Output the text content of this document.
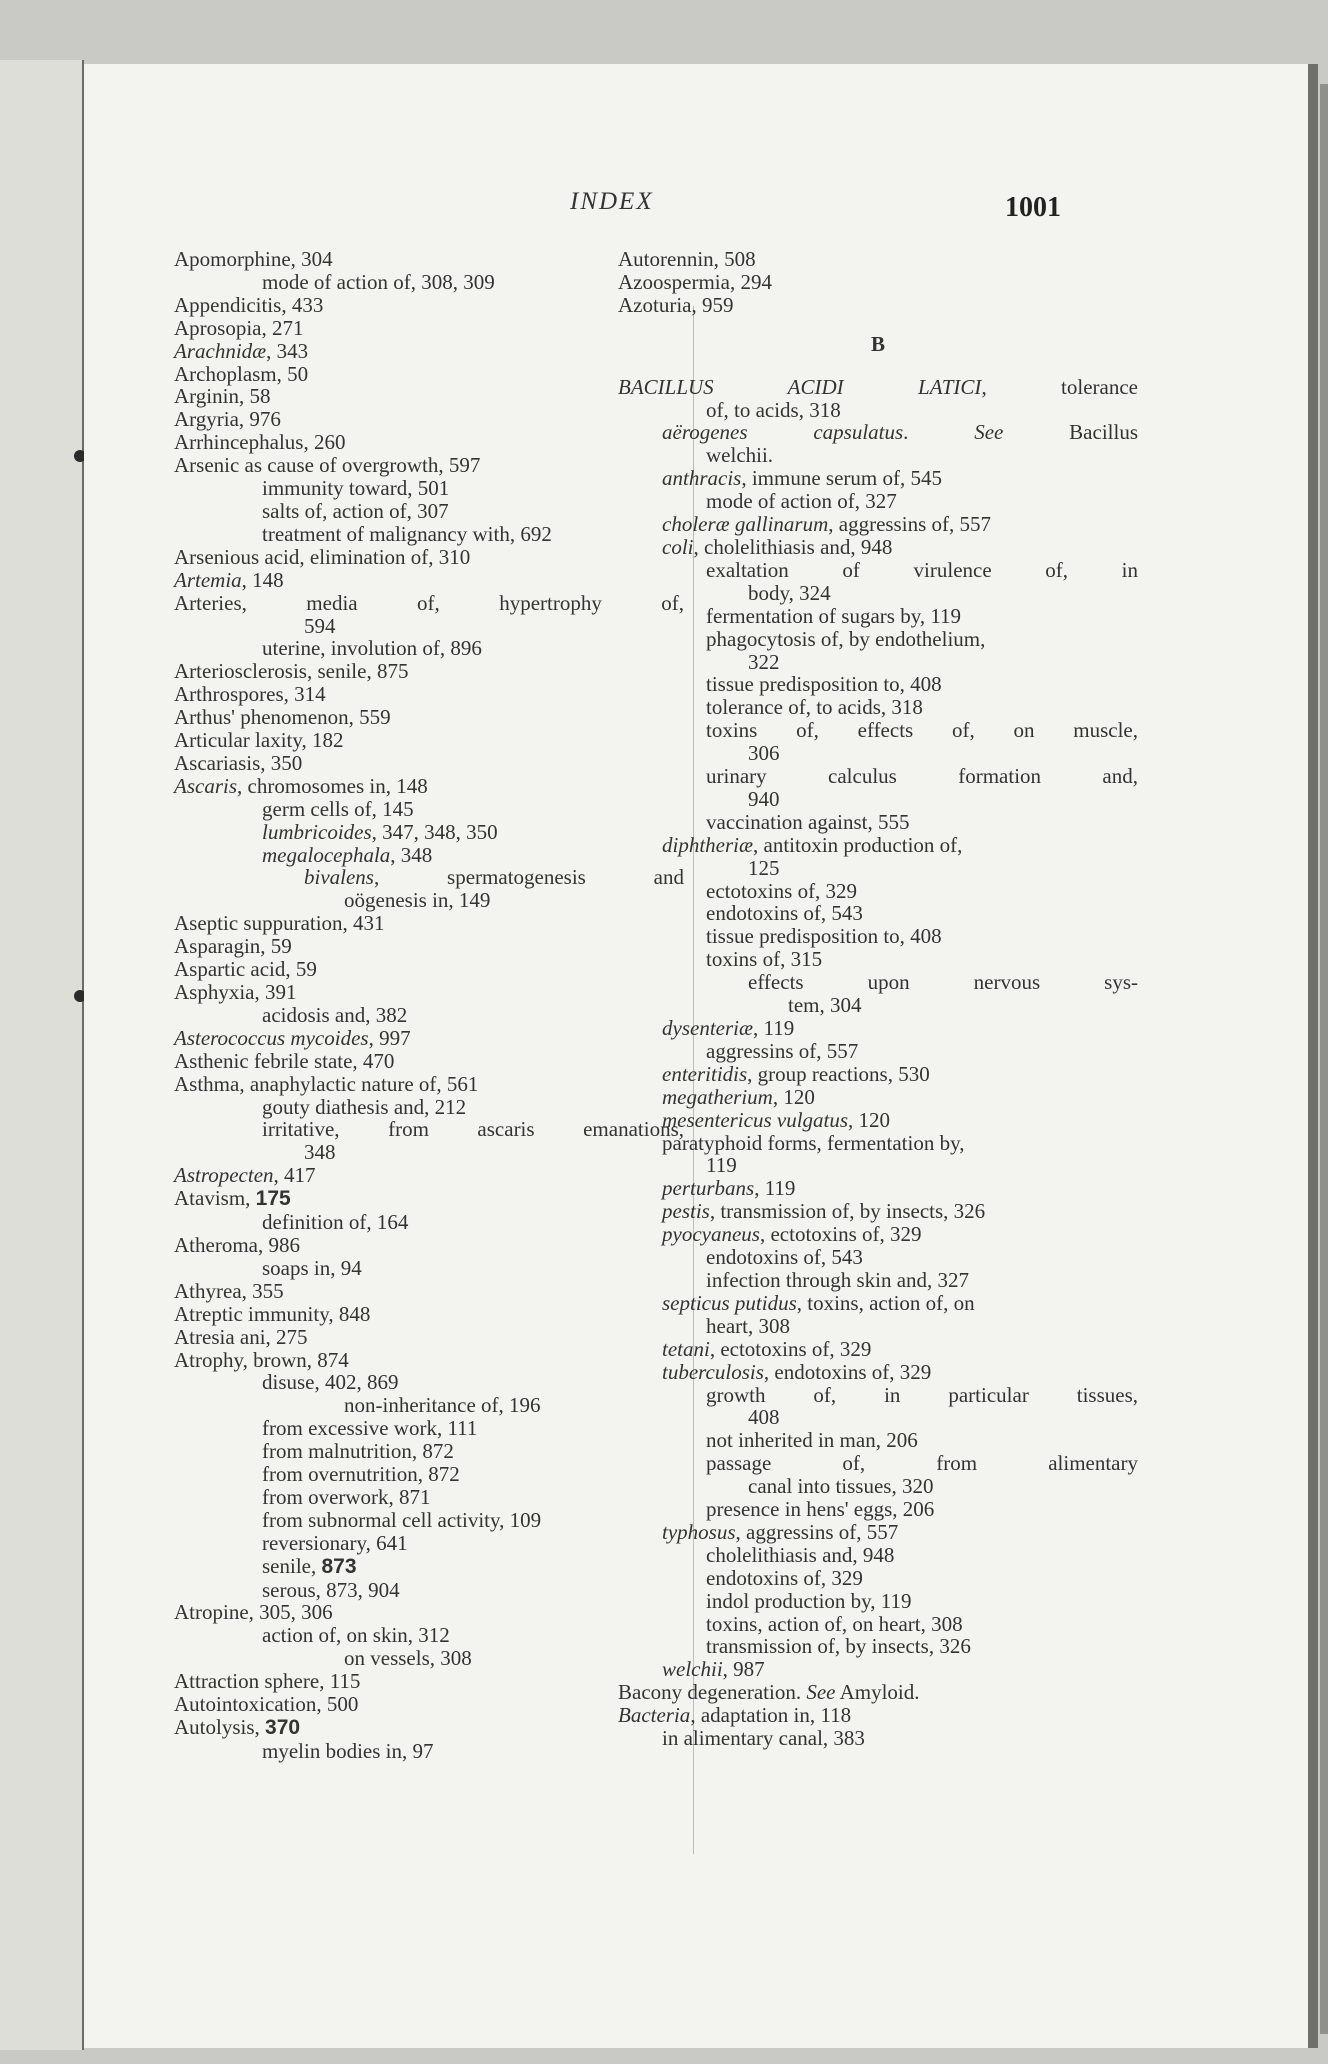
INDEX	1001
Apomorphine, 304
mode of action of, 308, 309
Appendicitis, 433
Aprosopia, 271
Arachnidæ, 343
Archoplasm, 50
Arginin, 58
Argyria, 976
Arrhincephalus, 260
Arsenic as cause of overgrowth, 597
immunity toward, 501
salts of, action of, 307
treatment of malignancy with, 692
Arsenious acid, elimination of, 310
Artemia, 148
Arteries, media of, hypertrophy of,
594
uterine, involution of, 896
Arteriosclerosis, senile, 875
Arthrospores, 314
Arthus' phenomenon, 559
Articular laxity, 182
Ascariasis, 350
Ascaris, chromosomes in, 148
germ cells of, 145
lumbricoides, 347, 348, 350
megalocephala, 348
bivalens, spermatogenesis and
oögenesis in, 149
Aseptic suppuration, 431
Asparagin, 59
Aspartic acid, 59
Asphyxia, 391
acidosis and, 382
Asterococcus mycoides, 997
Asthenic febrile state, 470
Asthma, anaphylactic nature of, 561
gouty diathesis and, 212
irritative, from ascaris emanations,
348
Astropecten, 417
Atavism, 175
definition of, 164
Atheroma, 986
soaps in, 94
Athyrea, 355
Atreptic immunity, 848
Atresia ani, 275
Atrophy, brown, 874
disuse, 402, 869
non-inheritance of, 196
from excessive work, 111
from malnutrition, 872
from overnutrition, 872
from overwork, 871
from subnormal cell activity, 109
reversionary, 641
senile, 873
serous, 873, 904
Atropine, 305, 306
action of, on skin, 312
on vessels, 308
Attraction sphere, 115
Autointoxication, 500
Autolysis, 370
myelin bodies in, 97
Autorennin, 508
Azoospermia, 294
Azoturia, 959
B
BACILLUS ACIDI LATICI, tolerance
of, to acids, 318
aërogenes capsulatus. See Bacillus
welchii.
anthracis, immune serum of, 545
mode of action of, 327
choleræ gallinarum, aggressins of, 557
coli, cholelithiasis and, 948
exaltation of virulence of, in
body, 324
fermentation of sugars by, 119
phagocytosis of, by endothelium,
322
tissue predisposition to, 408
tolerance of, to acids, 318
toxins of, effects of, on muscle,
306
urinary calculus formation and,
940
vaccination against, 555
diphtheriæ, antitoxin production of,
125
ectotoxins of, 329
endotoxins of, 543
tissue predisposition to, 408
toxins of, 315
effects upon nervous sys-
tem, 304
dysenteriæ, 119
aggressins of, 557
enteritidis, group reactions, 530
megatherium, 120
mesentericus vulgatus, 120
paratyphoid forms, fermentation by,
119
perturbans, 119
pestis, transmission of, by insects, 326
pyocyaneus, ectotoxins of, 329
endotoxins of, 543
infection through skin and, 327
septicus putidus, toxins, action of, on
heart, 308
tetani, ectotoxins of, 329
tuberculosis, endotoxins of, 329
growth of, in particular tissues,
408
not inherited in man, 206
passage of, from alimentary
canal into tissues, 320
presence in hens' eggs, 206
typhosus, aggressins of, 557
cholelithiasis and, 948
endotoxins of, 329
indol production by, 119
toxins, action of, on heart, 308
transmission of, by insects, 326
welchii, 987
Bacony degeneration. See Amyloid.
Bacteria, adaptation in, 118
in alimentary canal, 383
